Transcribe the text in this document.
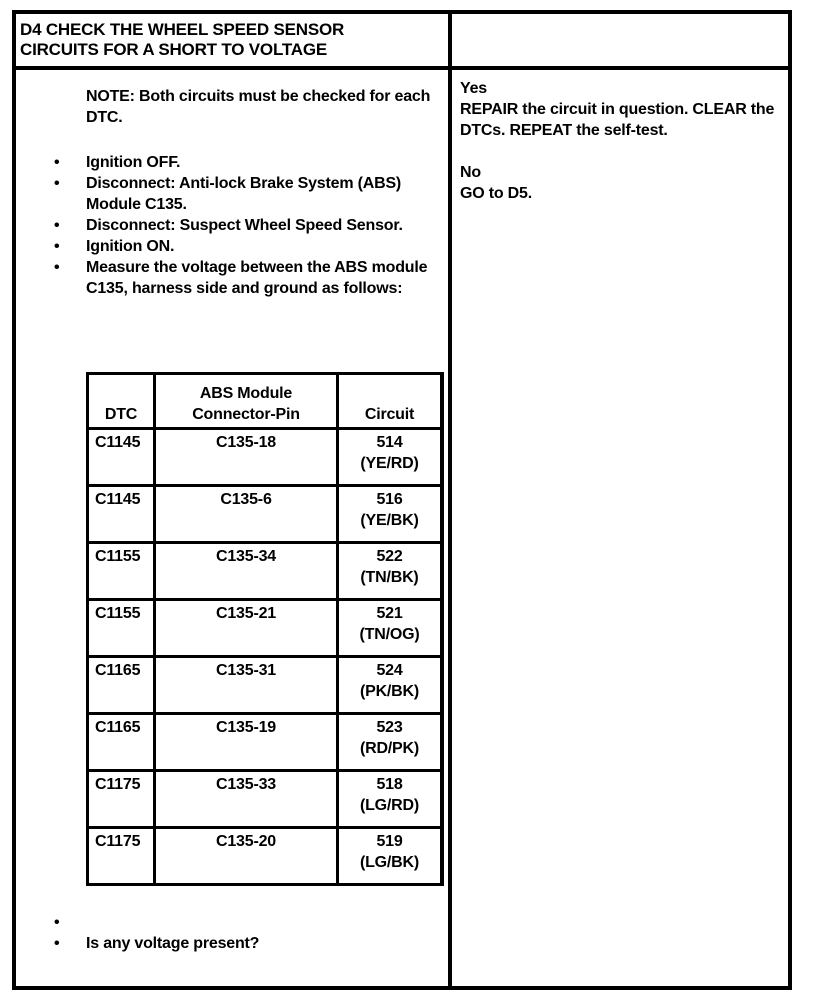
D4 CHECK THE WHEEL SPEED SENSOR
CIRCUITS FOR A SHORT TO VOLTAGE
NOTE: Both circuits must be checked for each DTC.
• Ignition OFF.
• Disconnect: Anti-lock Brake System (ABS) Module C135.
• Disconnect: Suspect Wheel Speed Sensor.
• Ignition ON.
• Measure the voltage between the ABS module C135, harness side and ground as follows:
DTC	ABS Module Connector-Pin	Circuit
C1145	C135-18	514
(YE/RD)

C1145	C135-6	516
(YE/BK)

C1155	C135-34	522
(TN/BK)

C1155	C135-21	521
(TN/OG)

C1165	C135-31	524
(PK/BK)

C1165	C135-19	523
(RD/PK)

C1175	C135-33	518
(LG/RD)

C1175	C135-20	519
(LG/BK)
•
• Is any voltage present?
Yes
REPAIR the circuit in question. CLEAR the DTCs. REPEAT the self-test.
No
GO to D5.
